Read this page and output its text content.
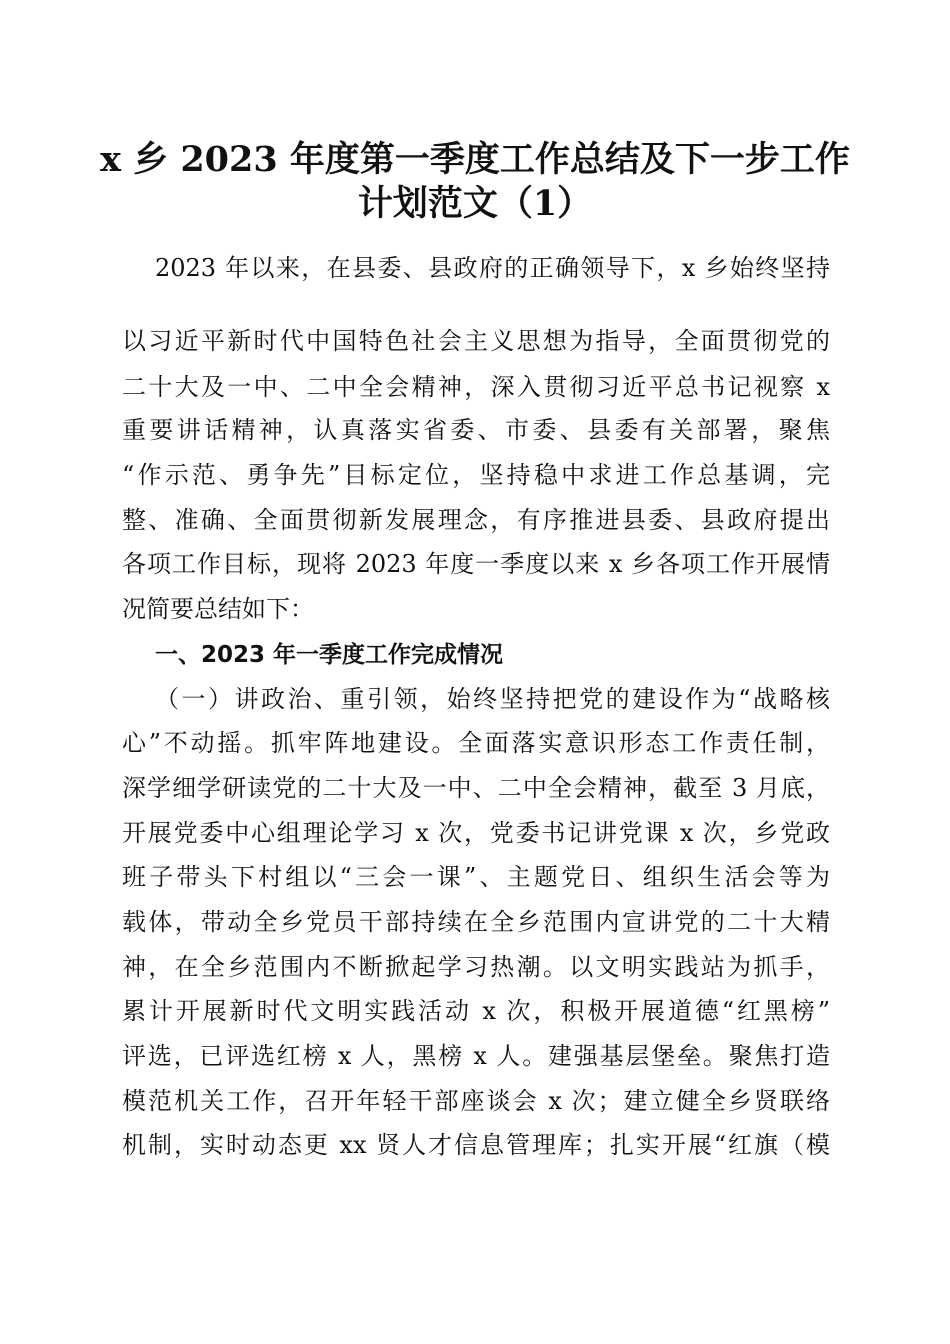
x 乡 2023 年度第一季度工作总结及下一步工作
计划范文（1）
2023 年以来，在县委、县政府的正确领导下，x 乡始终坚持
以习近平新时代中国特色社会主义思想为指导，全面贯彻党的
二十大及一中、二中全会精神，深入贯彻习近平总书记视察 x
重要讲话精神，认真落实省委、市委、县委有关部署，聚焦
“作示范、勇争先”目标定位，坚持稳中求进工作总基调，完
整、准确、全面贯彻新发展理念，有序推进县委、县政府提出
各项工作目标，现将 2023 年度一季度以来 x 乡各项工作开展情
况简要总结如下：
一、2023 年一季度工作完成情况
（一）讲政治、重引领，始终坚持把党的建设作为“战略核
心”不动摇。抓牢阵地建设。全面落实意识形态工作责任制，
深学细学研读党的二十大及一中、二中全会精神，截至 3 月底，
开展党委中心组理论学习 x 次，党委书记讲党课 x 次，乡党政
班子带头下村组以“三会一课”、主题党日、组织生活会等为
载体，带动全乡党员干部持续在全乡范围内宣讲党的二十大精
神，在全乡范围内不断掀起学习热潮。以文明实践站为抓手，
累计开展新时代文明实践活动 x 次，积极开展道德“红黑榜”
评选，已评选红榜 x 人，黑榜 x 人。建强基层堡垒。聚焦打造
模范机关工作，召开年轻干部座谈会 x 次；建立健全乡贤联络
机制，实时动态更 xx 贤人才信息管理库；扎实开展“红旗（模
